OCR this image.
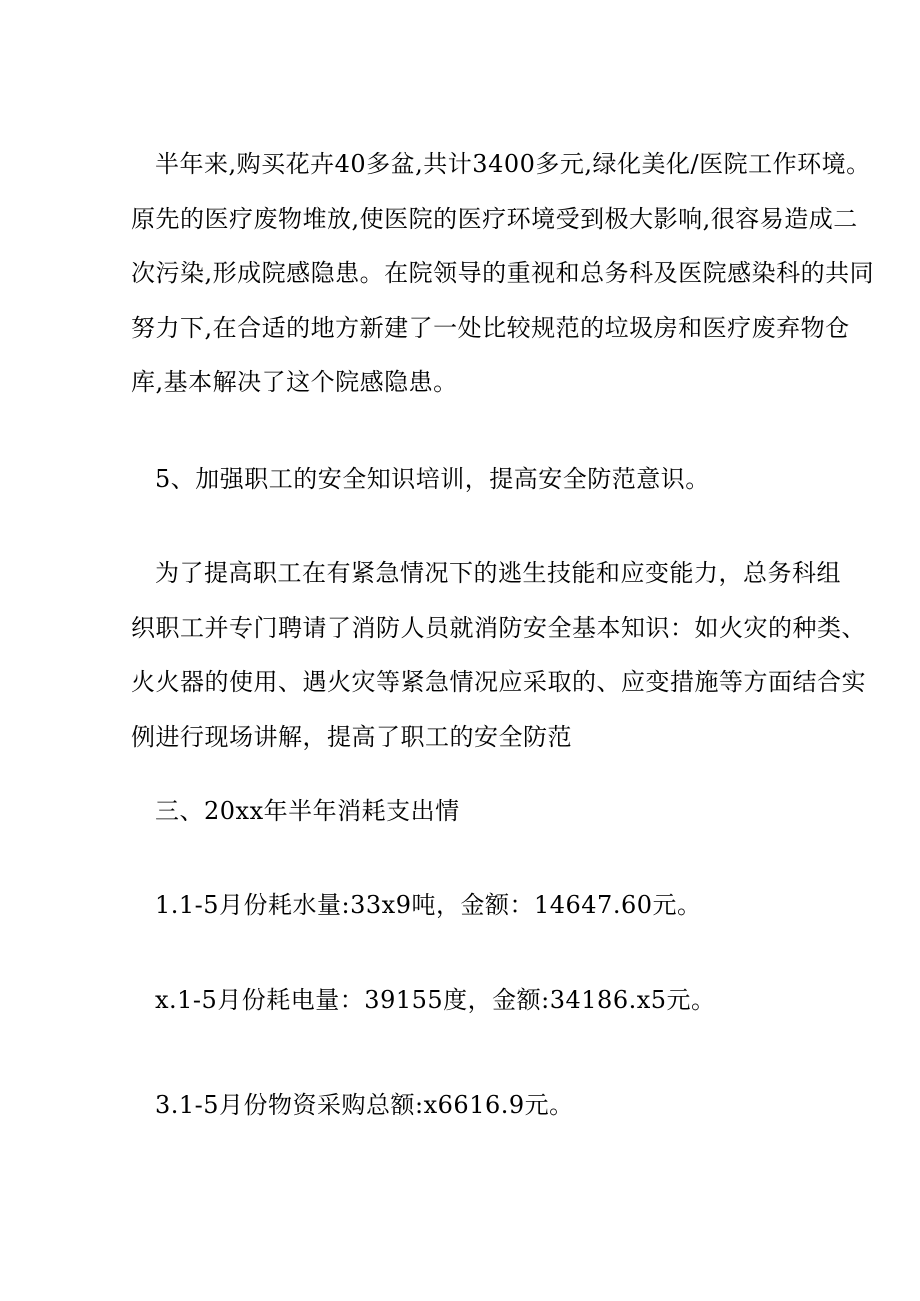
半年来,购买花卉40多盆,共计3400多元,绿化美化/医院工作环境。
原先的医疗废物堆放,使医院的医疗环境受到极大影响,很容易造成二
次污染,形成院感隐患。在院领导的重视和总务科及医院感染科的共同
努力下,在合适的地方新建了一处比较规范的垃圾房和医疗废弃物仓
库,基本解决了这个院感隐患。
5、加强职工的安全知识培训，提高安全防范意识。
为了提高职工在有紧急情况下的逃生技能和应变能力，总务科组
织职工并专门聘请了消防人员就消防安全基本知识：如火灾的种类、
火火器的使用、遇火灾等紧急情况应采取的、应变措施等方面结合实
例进行现场讲解，提高了职工的安全防范
三、20xx年半年消耗支出情
1.1-5月份耗水量:33x9吨，金额：14647.60元。
x.1-5月份耗电量：39155度，金额:34186.x5元。
3.1-5月份物资采购总额:x6616.9元。
